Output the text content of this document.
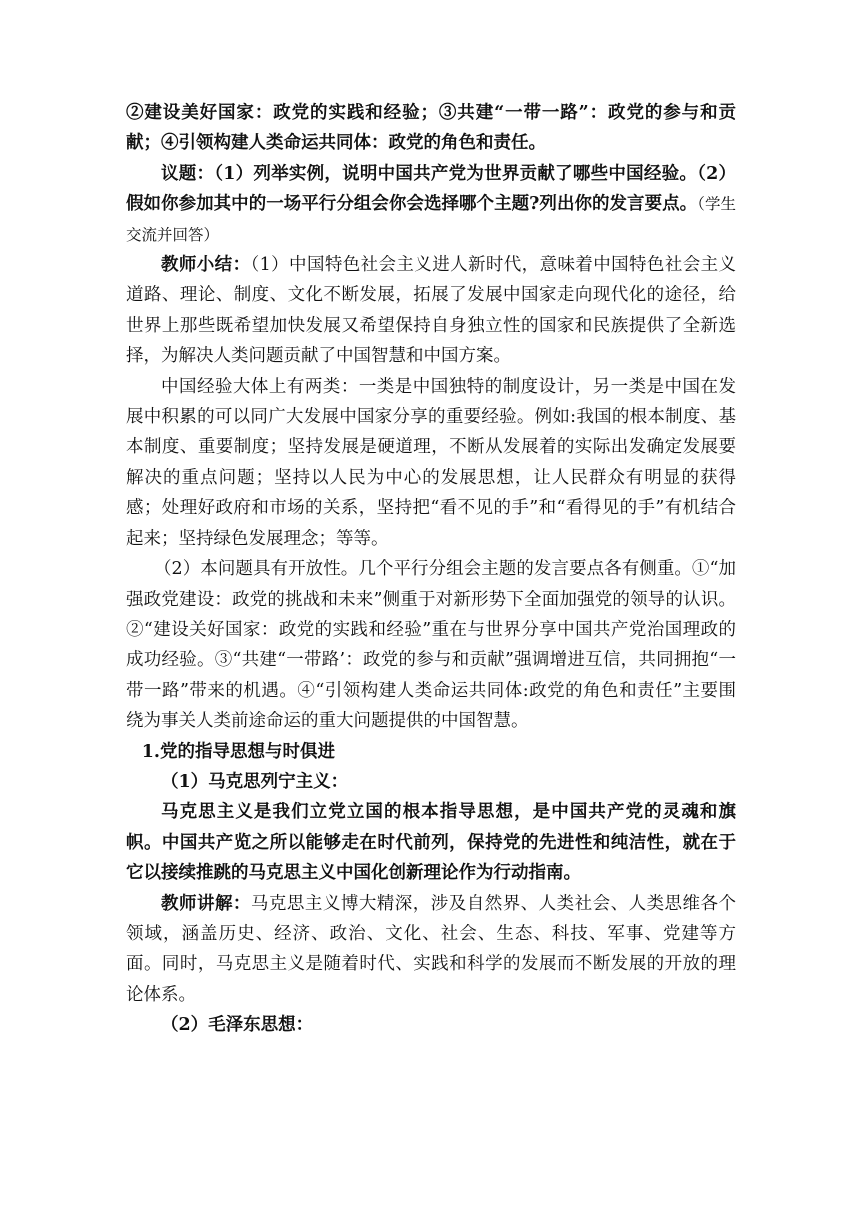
②建设美好国家：政党的实践和经验；③共建“一带一路”：政党的参与和贡献；④引领构建人类命运共同体：政党的角色和责任。

议题：（1）列举实例，说明中国共产党为世界贡献了哪些中国经验。（2）假如你参加其中的一场平行分组会你会选择哪个主题?列出你的发言要点。（学生交流并回答）

教师小结：（1）中国特色社会主义进人新时代，意味着中国特色社会主义道路、理论、制度、文化不断发展，拓展了发展中国家走向现代化的途径，给世界上那些既希望加快发展又希望保持自身独立性的国家和民族提供了全新选择，为解决人类问题贡献了中国智慧和中国方案。

中国经验大体上有两类：一类是中国独特的制度设计，另一类是中国在发展中积累的可以同广大发展中国家分享的重要经验。例如:我国的根本制度、基本制度、重要制度；坚持发展是硬道理，不断从发展着的实际出发确定发展要解决的重点问题；坚持以人民为中心的发展思想，让人民群众有明显的获得感；处理好政府和市场的关系，坚持把“看不见的手”和“看得见的手”有机结合起来；坚持绿色发展理念；等等。

（2）本问题具有开放性。几个平行分组会主题的发言要点各有侧重。①“加强政党建设：政党的挑战和未来”侧重于对新形势下全面加强党的领导的认识。②“建设关好国家：政党的实践和经验”重在与世界分享中国共产党治国理政的成功经验。③“共建“一带路’：政党的参与和贡献”强调增进互信，共同拥抱“一带一路”带来的机遇。④“引领构建人类命运共同体:政党的角色和责任”主要围绕为事关人类前途命运的重大问题提供的中国智慧。

1.党的指导思想与时俱进

（1）马克思列宁主义：

马克思主义是我们立党立国的根本指导思想，是中国共产党的灵魂和旗帜。中国共产览之所以能够走在时代前列，保持党的先进性和纯洁性，就在于它以接续推跳的马克思主义中国化创新理论作为行动指南。

教师讲解：马克思主义博大精深，涉及自然界、人类社会、人类思维各个领域，涵盖历史、经济、政治、文化、社会、生态、科技、军事、党建等方面。同时，马克思主义是随着时代、实践和科学的发展而不断发展的开放的理论体系。

（2）毛泽东思想：
